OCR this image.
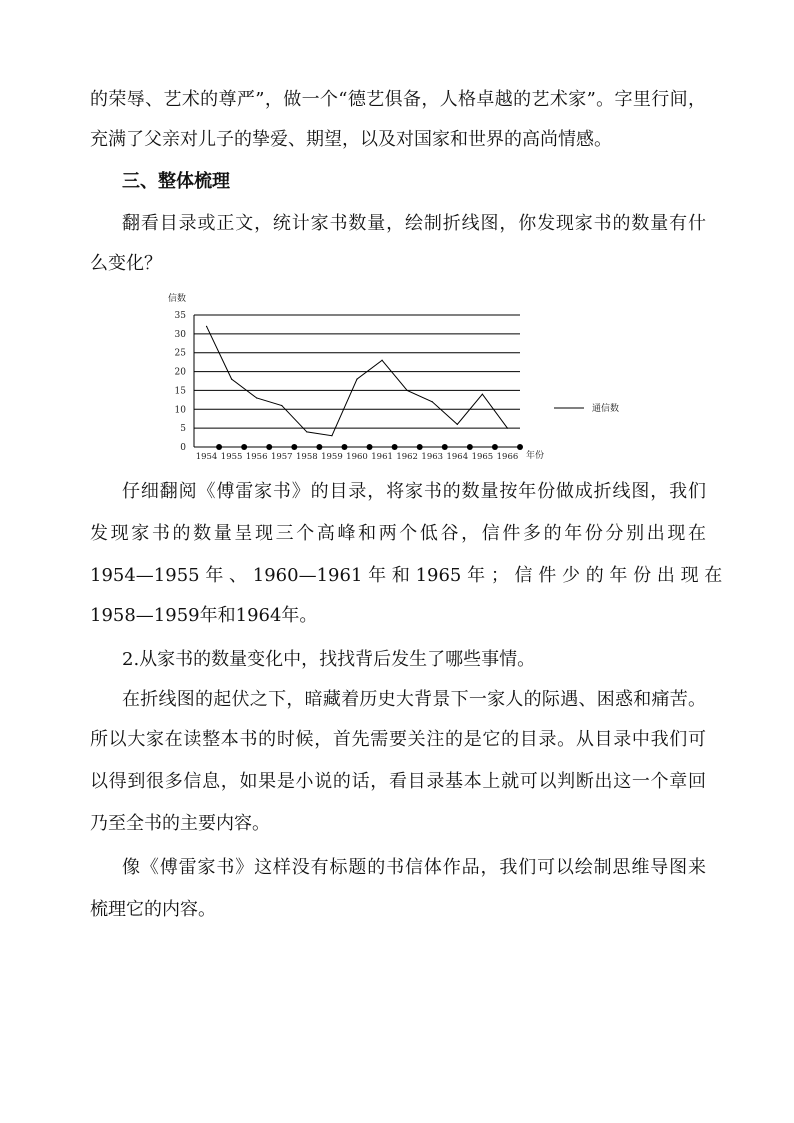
的荣辱、艺术的尊严”，做一个“德艺俱备，人格卓越的艺术家”。字里行间，
充满了父亲对儿子的挚爱、期望，以及对国家和世界的高尚情感。
三、整体梳理
翻看目录或正文，统计家书数量，绘制折线图，你发现家书的数量有什
么变化？
0
5
10
15
20
25
30
35
1954 1955 1956 1957 1958 1959 1960 1961 1962 1963 1964 1965 1966
信数
年份
通信数
仔细翻阅《傅雷家书》的目录，将家书的数量按年份做成折线图，我们
发现家书的数量呈现三个高峰和两个低谷，信件多的年份分别出现在
1954—1955 年 、 1960—1961 年 和 1965 年 ； 信 件 少 的 年 份 出 现 在
1958—1959年和1964年。
2.从家书的数量变化中，找找背后发生了哪些事情。
在折线图的起伏之下，暗藏着历史大背景下一家人的际遇、困惑和痛苦。
所以大家在读整本书的时候，首先需要关注的是它的目录。从目录中我们可
以得到很多信息，如果是小说的话，看目录基本上就可以判断出这一个章回
乃至全书的主要内容。
像《傅雷家书》这样没有标题的书信体作品，我们可以绘制思维导图来
梳理它的内容。
